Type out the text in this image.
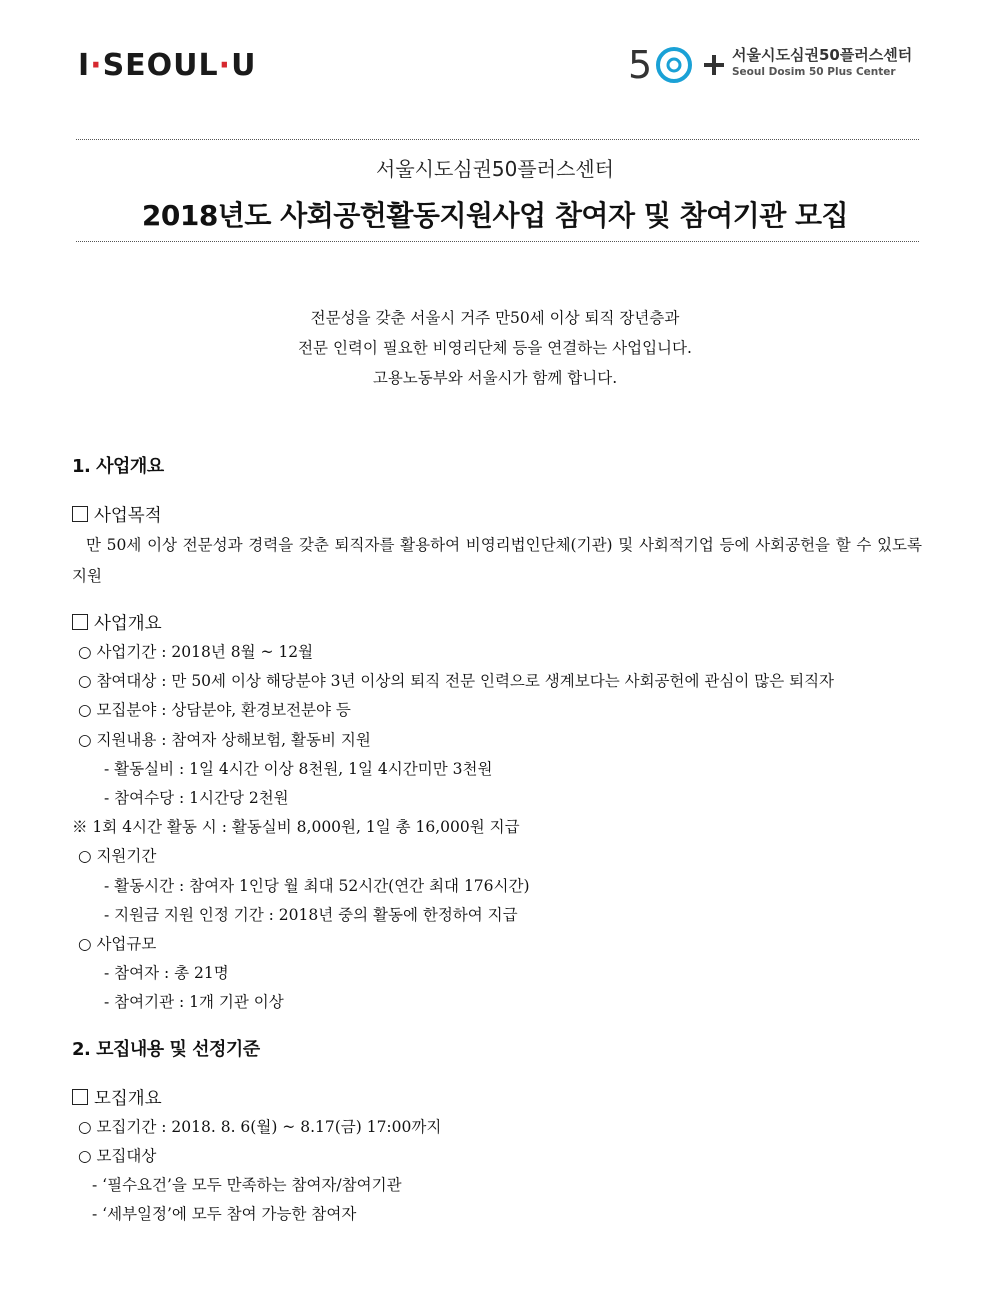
I·SEOUL·U	5	서울시도심권50플러스센터
Seoul Dosim 50 Plus Center
서울시도심권50플러스센터
2018년도 사회공헌활동지원사업 참여자 및 참여기관 모집
전문성을 갖춘 서울시 거주 만50세 이상 퇴직 장년층과
전문 인력이 필요한 비영리단체 등을 연결하는 사업입니다.
고용노동부와 서울시가 함께 합니다.
1. 사업개요
사업목적
만 50세 이상 전문성과 경력을 갖춘 퇴직자를 활용하여 비영리법인단체(기관) 및 사회적기업 등에 사회공헌을 할 수 있도록 지원
사업개요
○ 사업기간 : 2018년 8월 ~ 12월
○ 참여대상 : 만 50세 이상 해당분야 3년 이상의 퇴직 전문 인력으로 생계보다는 사회공헌에 관심이 많은 퇴직자
○ 모집분야 : 상담분야, 환경보전분야 등
○ 지원내용 : 참여자 상해보험, 활동비 지원
- 활동실비 : 1일 4시간 이상 8천원, 1일 4시간미만 3천원
- 참여수당 : 1시간당 2천원
※ 1회 4시간 활동 시 : 활동실비 8,000원, 1일 총 16,000원 지급
○ 지원기간
- 활동시간 : 참여자 1인당 월 최대 52시간(연간 최대 176시간)
- 지원금 지원 인정 기간 : 2018년 중의 활동에 한정하여 지급
○ 사업규모
- 참여자 : 총 21명
- 참여기관 : 1개 기관 이상
2. 모집내용 및 선정기준
모집개요
○ 모집기간 : 2018. 8. 6(월) ~ 8.17(금) 17:00까지
○ 모집대상
- ‘필수요건’을 모두 만족하는 참여자/참여기관
- ‘세부일정’에 모두 참여 가능한 참여자
